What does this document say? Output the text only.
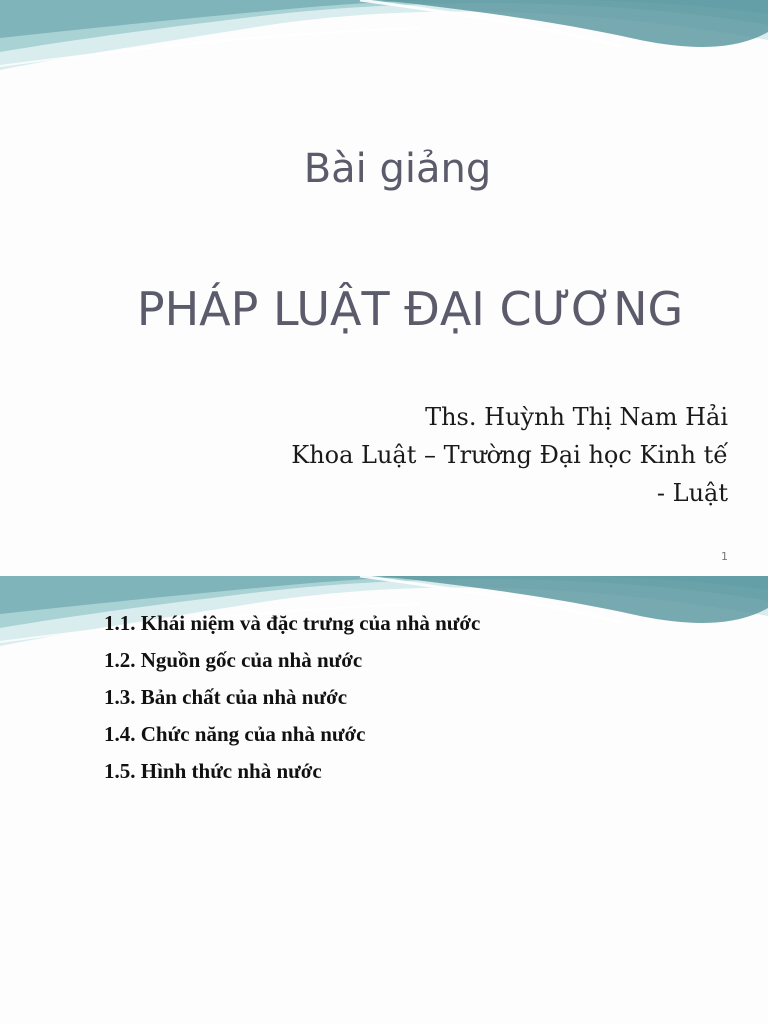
Bài giảng
PHÁP LUẬT ĐẠI CƯƠNG
Ths. Huỳnh Thị Nam Hải
Khoa Luật – Trường Đại học Kinh tế
- Luật
1
1.1. Khái niệm và đặc trưng của nhà nước
1.2. Nguồn gốc của nhà nước
1.3. Bản chất của nhà nước
1.4. Chức năng của nhà nước
1.5. Hình thức nhà nước
